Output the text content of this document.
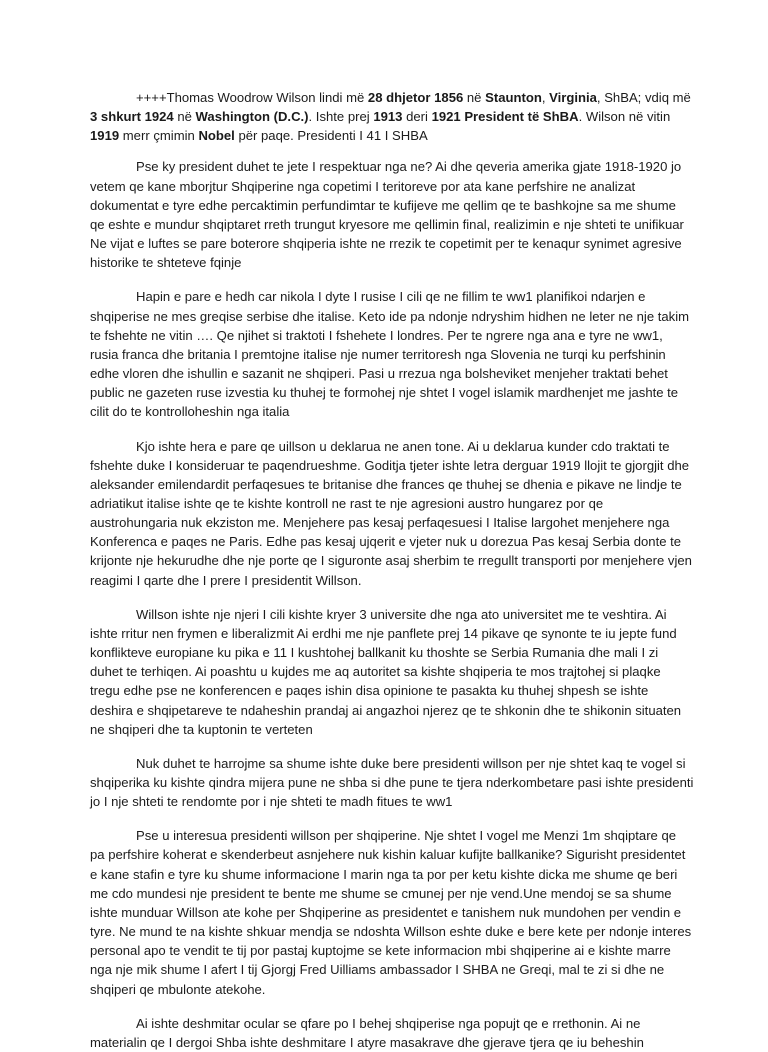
++++Thomas Woodrow Wilson lindi më 28 dhjetor 1856 në Staunton, Virginia, ShBA; vdiq më 3 shkurt 1924 në Washington (D.C.). Ishte prej 1913 deri 1921 President të ShBA. Wilson në vitin 1919 merr çmimin Nobel për paqe. Presidenti I 41 I SHBA

Pse ky president duhet te jete I respektuar nga ne? Ai dhe qeveria amerika gjate 1918-1920 jo vetem qe kane mborjtur Shqiperine nga copetimi I teritoreve por ata kane perfshire ne analizat dokumentat e tyre edhe percaktimin perfundimtar te kufijeve me qellim qe te bashkojne sa me shume qe eshte e mundur shqiptaret rreth trungut kryesore me qellimin final, realizimin e nje shteti te unifikuar Ne vijat e luftes se pare boterore shqiperia ishte ne rrezik te copetimit per te kenaqur synimet agresive historike te shteteve fqinje

Hapin e pare e hedh car nikola I dyte I rusise I cili qe ne fillim te ww1 planifikoi ndarjen e shqiperise ne mes greqise serbise dhe italise. Keto ide pa ndonje ndryshim hidhen ne leter ne nje takim te fshehte ne vitin …. Qe njihet si traktoti I fshehete I londres. Per te ngrere nga ana e tyre ne ww1, rusia franca dhe britania I premtojne italise nje numer territoresh nga Slovenia ne turqi ku perfshinin edhe vloren dhe ishullin e sazanit ne shqiperi. Pasi u rrezua nga bolsheviket menjeher traktati behet public ne gazeten ruse izvestia ku thuhej te formohej nje shtet I vogel islamik mardhenjet me jashte te cilit do te kontrolloheshin nga italia

Kjo ishte hera e pare qe uillson u deklarua ne anen tone. Ai u deklarua kunder cdo traktati te fshehte duke I konsideruar te paqendrueshme. Goditja tjeter ishte letra derguar 1919 llojit te gjorgjit dhe aleksander emilendardit perfaqesues te britanise dhe frances qe thuhej se dhenia e pikave ne lindje te adriatikut italise ishte qe te kishte kontroll ne rast te nje agresioni austro hungarez por qe austrohungaria nuk ekziston me. Menjehere pas kesaj perfaqesuesi I Italise largohet menjehere nga Konferenca e paqes ne Paris. Edhe pas kesaj ujqerit e vjeter nuk u dorezua Pas kesaj Serbia donte te krijonte nje hekurudhe dhe nje porte qe I siguronte asaj sherbim te rregullt transporti por menjehere vjen reagimi I qarte dhe I prere I presidentit Willson.

Willson ishte nje njeri I cili kishte kryer 3 universite dhe nga ato universitet me te veshtira. Ai ishte rritur nen frymen e liberalizmit Ai erdhi me nje panflete prej 14 pikave qe synonte te iu jepte fund konflikteve europiane ku pika e 11 I kushtohej ballkanit ku thoshte se Serbia Rumania dhe mali I zi duhet te terhiqen. Ai poashtu u kujdes me aq autoritet sa kishte shqiperia te mos trajtohej si plaqke tregu edhe pse ne konferencen e paqes ishin disa opinione te pasakta ku thuhej shpesh se ishte deshira e shqipetareve te ndaheshin prandaj ai angazhoi njerez qe te shkonin dhe te shikonin situaten ne shqiperi dhe ta kuptonin te verteten

Nuk duhet te harrojme sa shume ishte duke bere presidenti willson per nje shtet kaq te vogel si shqiperika ku kishte qindra mijera pune ne shba si dhe pune te tjera nderkombetare pasi ishte presidenti jo I nje shteti te rendomte por i nje shteti te madh fitues te ww1

Pse u interesua presidenti willson per shqiperine. Nje shtet I vogel me Menzi 1m shqiptare qe pa perfshire koherat e skenderbeut asnjehere nuk kishin kaluar kufijte ballkanike? Sigurisht presidentet e kane stafin e tyre ku shume informacione I marin nga ta por per ketu kishte dicka me shume qe beri me cdo mundesi nje president te bente me shume se cmunej per nje vend.Une mendoj se sa shume ishte munduar Willson ate kohe per Shqiperine as presidentet e tanishem nuk mundohen per vendin e tyre. Ne mund te na kishte shkuar mendja se ndoshta Willson eshte duke e bere kete per ndonje interes personal apo te vendit te tij por pastaj kuptojme se kete informacion mbi shqiperine ai e kishte marre nga nje mik shume I afert I tij Gjorgj Fred Uilliams ambassador I SHBA ne Greqi, mal te zi si dhe ne shqiperi qe mbulonte atekohe.

Ai ishte deshmitar ocular se qfare po I behej shqiperise nga popujt qe e rrethonin. Ai ne materialin qe I dergoi Shba ishte deshmitare I atyre masakrave dhe gjerave tjera qe iu beheshin
